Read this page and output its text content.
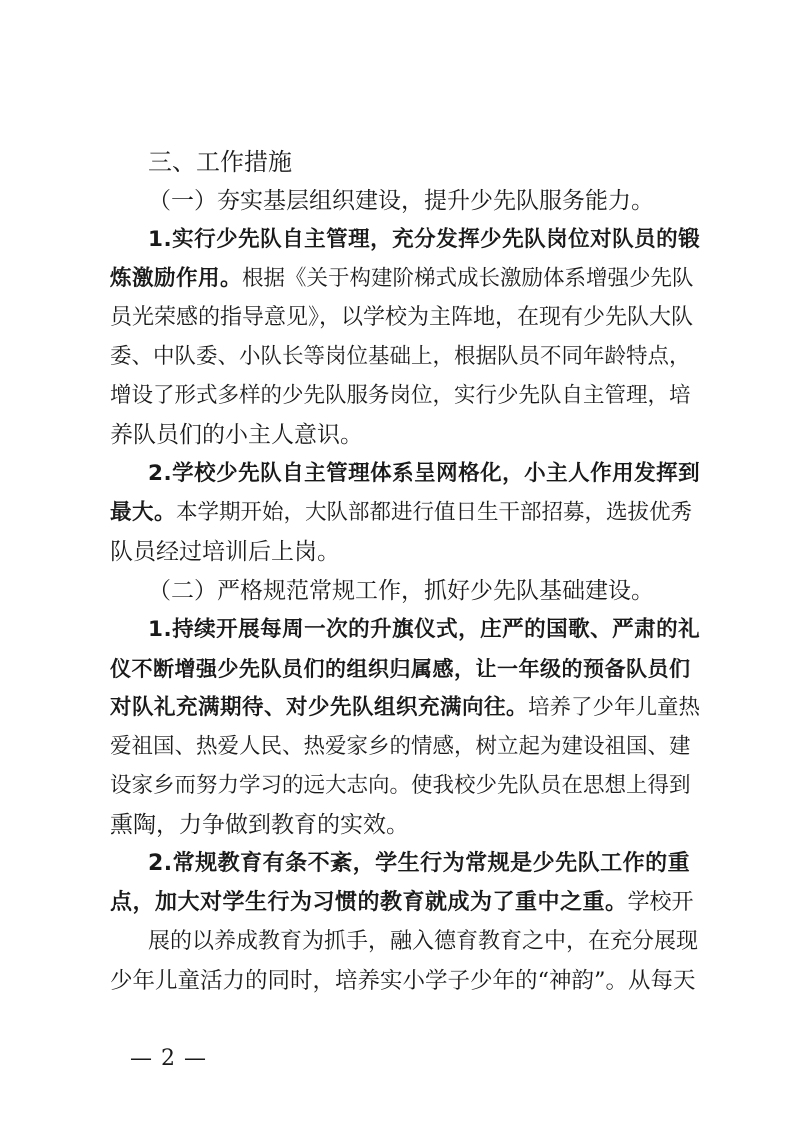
三、工作措施
（一）夯实基层组织建设，提升少先队服务能力。
1.实行少先队自主管理，充分发挥少先队岗位对队员的锻
炼激励作用。根据《关于构建阶梯式成长激励体系增强少先队
员光荣感的指导意见》，以学校为主阵地，在现有少先队大队
委、中队委、小队长等岗位基础上，根据队员不同年龄特点，
增设了形式多样的少先队服务岗位，实行少先队自主管理，培
养队员们的小主人意识。
2.学校少先队自主管理体系呈网格化，小主人作用发挥到
最大。本学期开始，大队部都进行值日生干部招募，选拔优秀
队员经过培训后上岗。
（二）严格规范常规工作，抓好少先队基础建设。
1.持续开展每周一次的升旗仪式，庄严的国歌、严肃的礼
仪不断增强少先队员们的组织归属感，让一年级的预备队员们
对队礼充满期待、对少先队组织充满向往。培养了少年儿童热
爱祖国、热爱人民、热爱家乡的情感，树立起为建设祖国、建
设家乡而努力学习的远大志向。使我校少先队员在思想上得到
熏陶，力争做到教育的实效。
2.常规教育有条不紊，学生行为常规是少先队工作的重
点，加大对学生行为习惯的教育就成为了重中之重。学校开
展的以养成教育为抓手，融入德育教育之中，在充分展现
少年儿童活力的同时，培养实小学子少年的“神韵”。从每天
— 2 —
